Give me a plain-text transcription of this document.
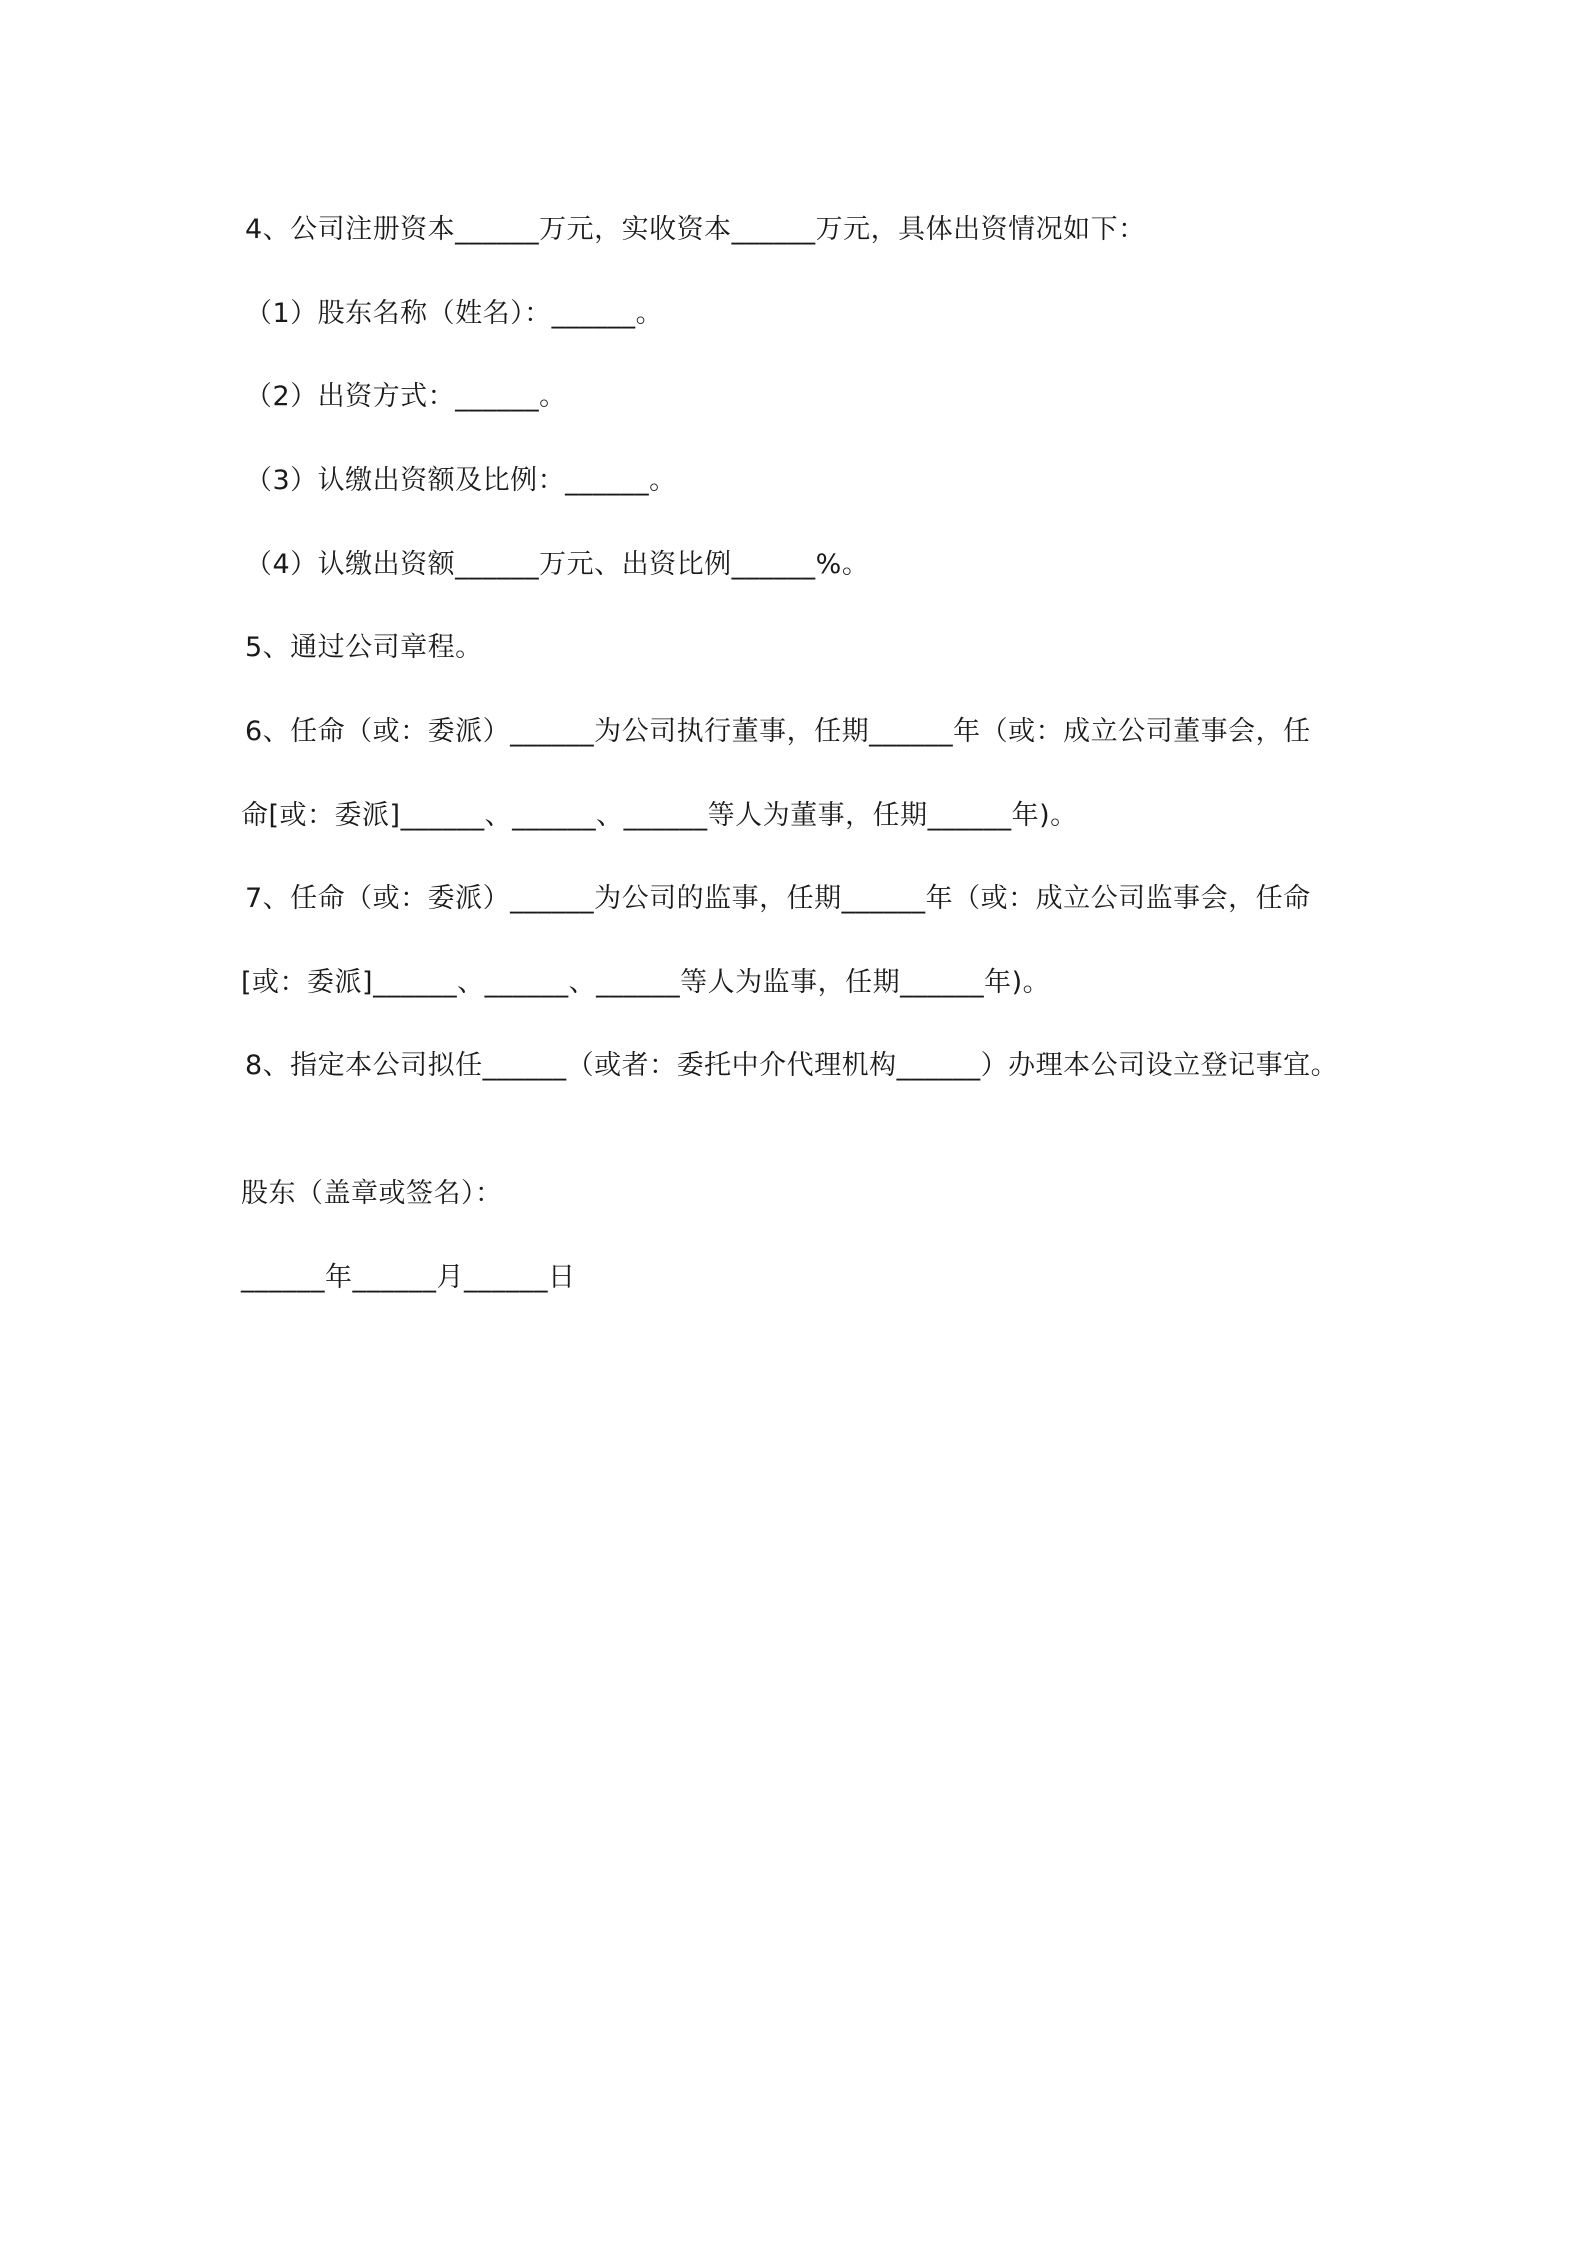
4、公司注册资本______万元，实收资本______万元，具体出资情况如下：
（1）股东名称（姓名）：______。
（2）出资方式：______。
（3）认缴出资额及比例：______。
（4）认缴出资额______万元、出资比例______%。
5、通过公司章程。
6、任命（或：委派）______为公司执行董事，任期______年（或：成立公司董事会，任
命[或：委派]______、______、______等人为董事，任期______年)。
7、任命（或：委派）______为公司的监事，任期______年（或：成立公司监事会，任命
[或：委派]______、______、______等人为监事，任期______年)。
8、指定本公司拟任______（或者：委托中介代理机构______）办理本公司设立登记事宜。
股东（盖章或签名）：
______年______月______日
